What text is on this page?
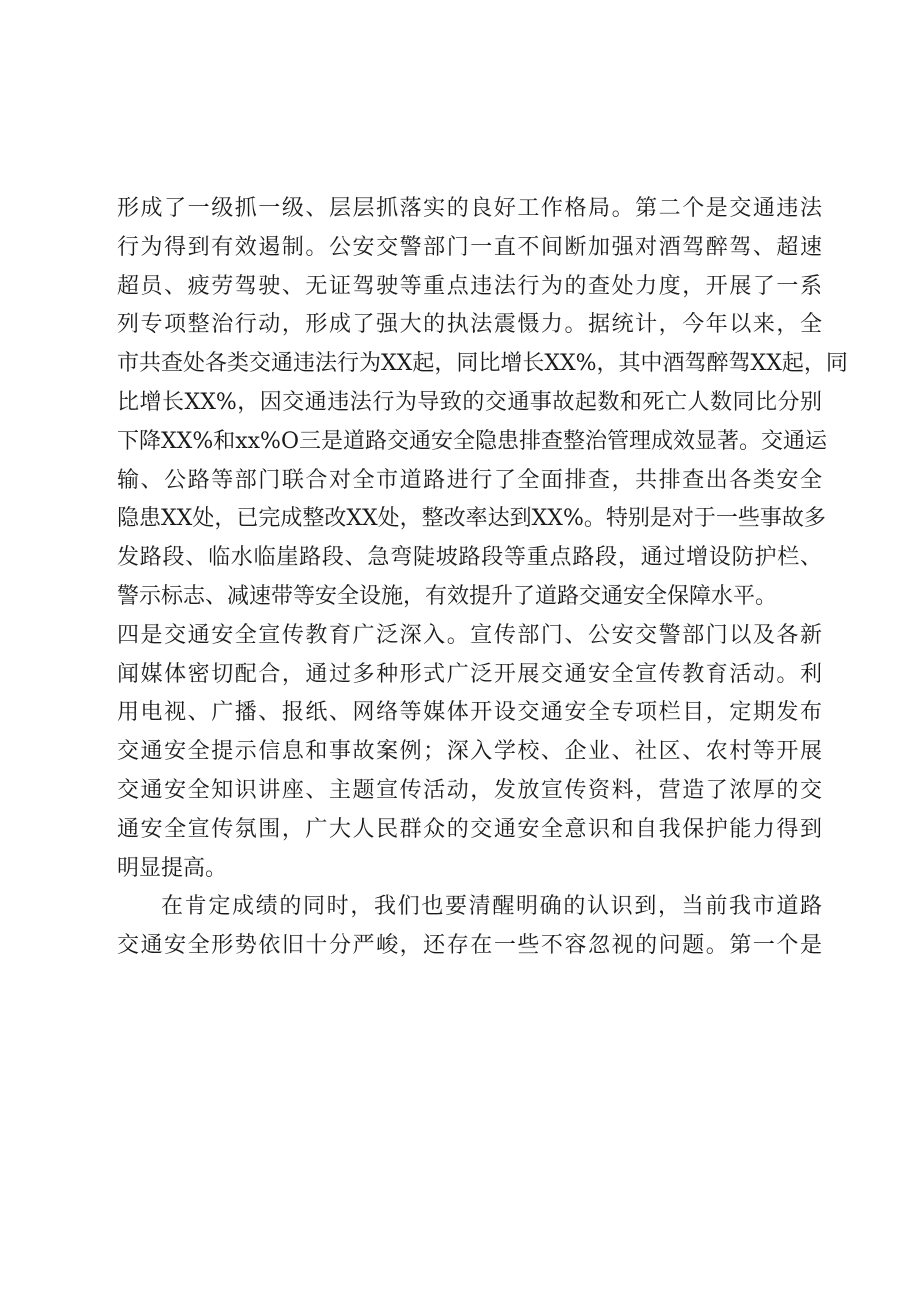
形成了一级抓一级、层层抓落实的良好工作格局。第二个是交通违法
行为得到有效遏制。公安交警部门一直不间断加强对酒驾醉驾、超速
超员、疲劳驾驶、无证驾驶等重点违法行为的查处力度，开展了一系
列专项整治行动，形成了强大的执法震慑力。据统计，今年以来，全
市共查处各类交通违法行为XX起，同比增长XX%，其中酒驾醉驾XX起，同
比增长XX%，因交通违法行为导致的交通事故起数和死亡人数同比分别
下降XX%和xx%O三是道路交通安全隐患排查整治管理成效显著。交通运
输、公路等部门联合对全市道路进行了全面排查，共排查出各类安全
隐患XX处，已完成整改XX处，整改率达到XX%。特别是对于一些事故多
发路段、临水临崖路段、急弯陡坡路段等重点路段，通过增设防护栏、
警示标志、减速带等安全设施，有效提升了道路交通安全保障水平。
四是交通安全宣传教育广泛深入。宣传部门、公安交警部门以及各新
闻媒体密切配合，通过多种形式广泛开展交通安全宣传教育活动。利
用电视、广播、报纸、网络等媒体开设交通安全专项栏目，定期发布
交通安全提示信息和事故案例；深入学校、企业、社区、农村等开展
交通安全知识讲座、主题宣传活动，发放宣传资料，营造了浓厚的交
通安全宣传氛围，广大人民群众的交通安全意识和自我保护能力得到
明显提高。
在肯定成绩的同时，我们也要清醒明确的认识到，当前我市道路
交通安全形势依旧十分严峻，还存在一些不容忽视的问题。第一个是
